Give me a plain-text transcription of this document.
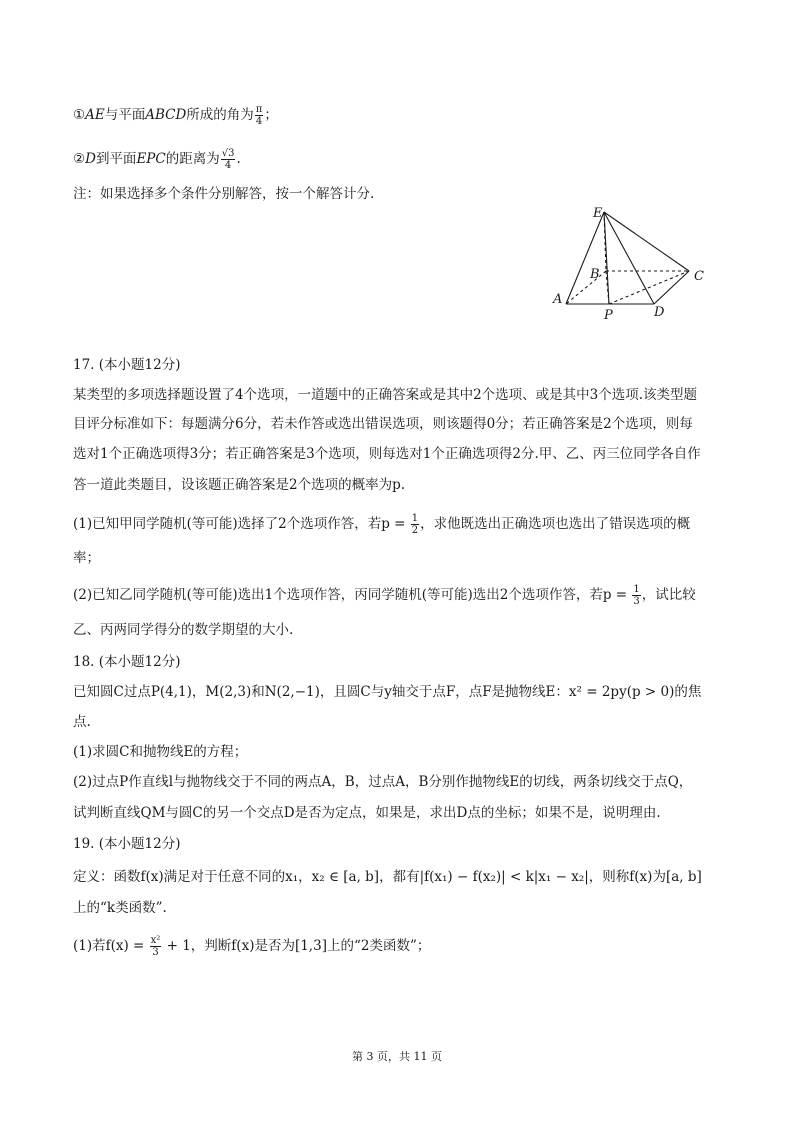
①AE与平面ABCD所成的角为 $\frac{\pi}{4}$ ；
②D到平面EPC的距离为 $\frac{√3}{4}$ .
注：如果选择多个条件分别解答，按一个解答计分.
E
B	C
A
P	D
17. (本小题12分)
某类型的多项选择题设置了4个选项，一道题中的正确答案或是其中2个选项、或是其中3个选项.该类型题
目评分标准如下：每题满分6分，若未作答或选出错误选项，则该题得0分；若正确答案是2个选项，则每
选对1个正确选项得3分；若正确答案是3个选项，则每选对1个正确选项得2分.甲、乙、丙三位同学各自作
答一道此类题目，设该题正确答案是2个选项的概率为p.
(1)已知甲同学随机(等可能)选择了2个选项作答，若$p = \frac{1}{2}$ ，求他既选出正确选项也选出了错误选项的概
率；
(2)已知乙同学随机(等可能)选出1个选项作答，丙同学随机(等可能)选出2个选项作答，若$p = \frac{1}{3}$ ，试比较
乙、丙两同学得分的数学期望的大小.
18. (本小题12分)
已知圆C过点P(4,1)，M(2,3)和N(2,−1)，且圆C与y轴交于点F，点F是抛物线E：x² = 2py(p > 0)的焦
点.
(1)求圆C和抛物线E的方程；
(2)过点P作直线l与抛物线交于不同的两点A，B，过点A，B分别作抛物线E的切线，两条切线交于点Q，
试判断直线QM与圆C的另一个交点D是否为定点，如果是，求出D点的坐标；如果不是，说明理由.
19. (本小题12分)
定义：函数f(x)满足对于任意不同的x₁，x₂ ∈ [a, b]，都有|f(x₁) − f(x₂)| < k|x₁ − x₂|，则称f(x)为[a, b]
上的“k类函数”.
(1)若$f(x) = \frac{\text{x²}}{3} + 1$，判断f(x)是否为[1,3]上的“2类函数”；
第 3 页，共 11 页
